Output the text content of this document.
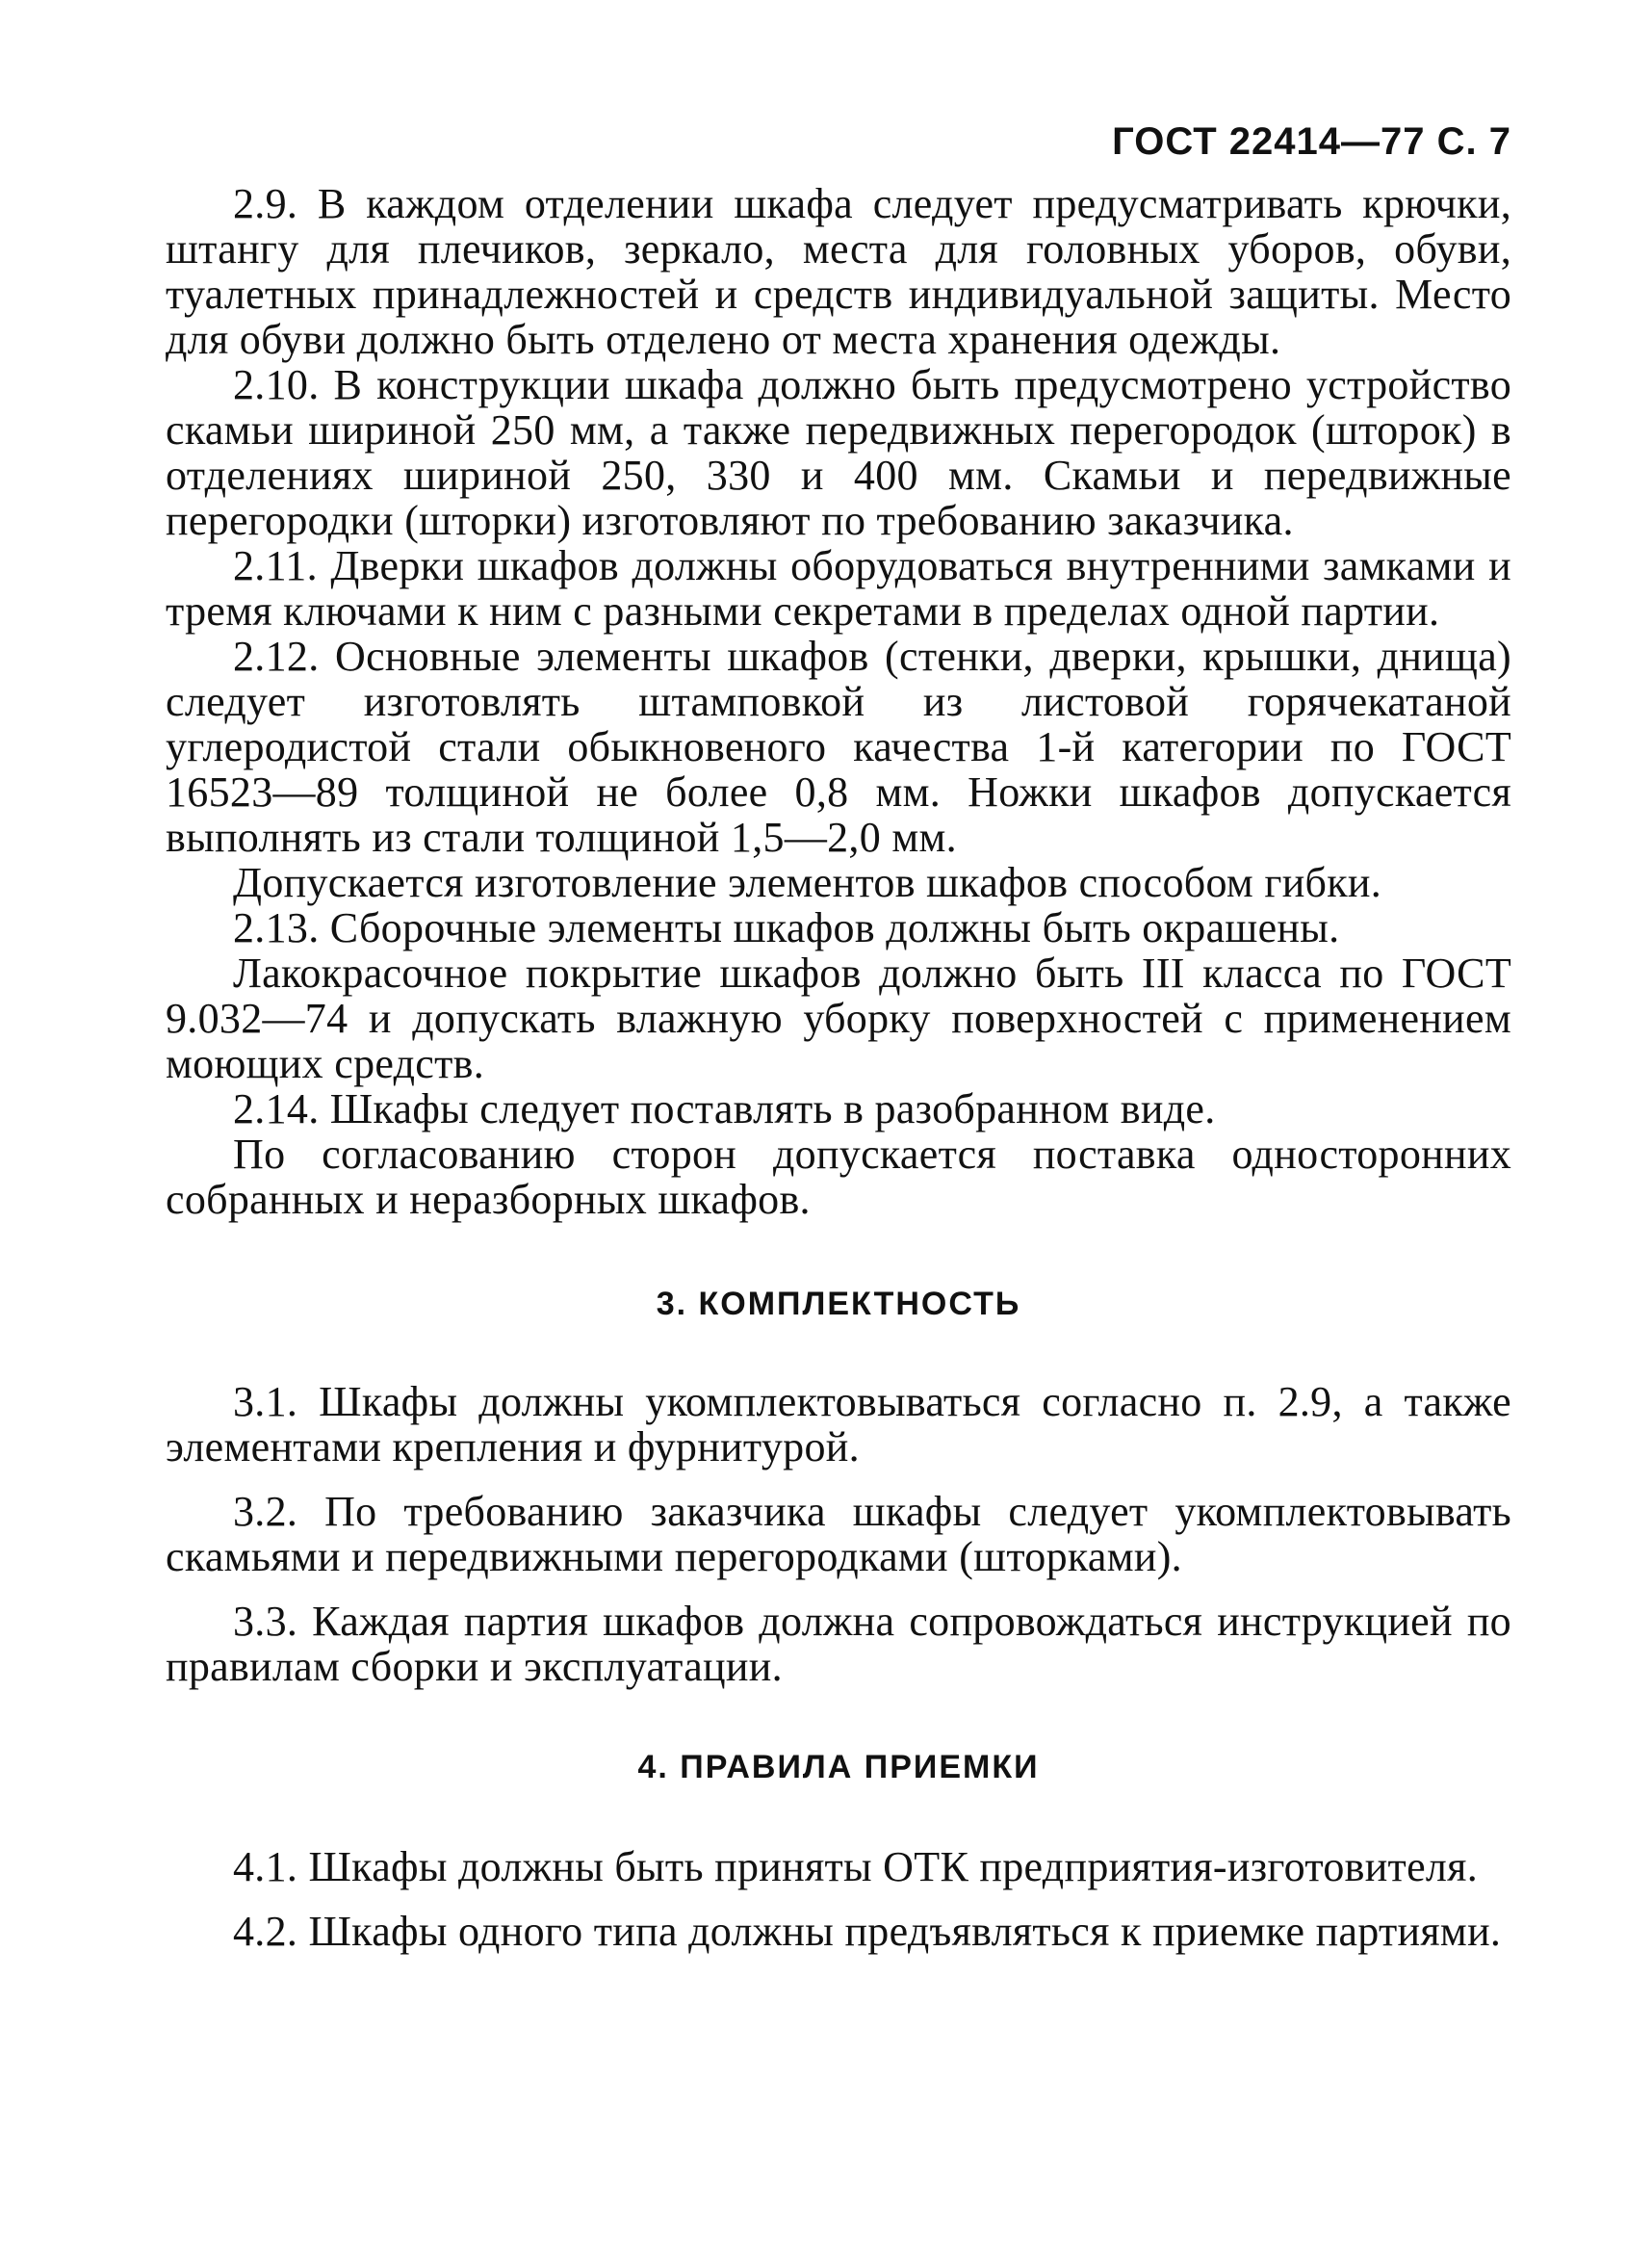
ГОСТ 22414—77 С. 7

2.9. В каждом отделении шкафа следует предусматривать крючки, штангу для плечиков, зеркало, места для головных уборов, обуви, туалетных принадлежностей и средств индивидуальной защиты. Место для обуви должно быть отделено от места хранения одежды.

2.10. В конструкции шкафа должно быть предусмотрено устройство скамьи шириной 250 мм, а также передвижных перегородок (шторок) в отделениях шириной 250, 330 и 400 мм. Скамьи и передвижные перегородки (шторки) изготовляют по требованию заказчика.

2.11. Дверки шкафов должны оборудоваться внутренними замками и тремя ключами к ним с разными секретами в пределах одной партии.

2.12. Основные элементы шкафов (стенки, дверки, крышки, днища) следует изготовлять штамповкой из листовой горячекатаной углеродистой стали обыкновеного качества 1-й категории по ГОСТ 16523—89 толщиной не более 0,8 мм. Ножки шкафов допускается выполнять из стали толщиной 1,5—2,0 мм.

Допускается изготовление элементов шкафов способом гибки.

2.13. Сборочные элементы шкафов должны быть окрашены.

Лакокрасочное покрытие шкафов должно быть III класса по ГОСТ 9.032—74 и допускать влажную уборку поверхностей с применением моющих средств.

2.14. Шкафы следует поставлять в разобранном виде.

По согласованию сторон допускается поставка односторонних собранных и неразборных шкафов.

3. КОМПЛЕКТНОСТЬ

3.1. Шкафы должны укомплектовываться согласно п. 2.9, а также элементами крепления и фурнитурой.

3.2. По требованию заказчика шкафы следует укомплектовывать скамьями и передвижными перегородками (шторками).

3.3. Каждая партия шкафов должна сопровождаться инструкцией по правилам сборки и эксплуатации.

4. ПРАВИЛА ПРИЕМКИ

4.1. Шкафы должны быть приняты ОТК предприятия-изготовителя.

4.2. Шкафы одного типа должны предъявляться к приемке партиями.
